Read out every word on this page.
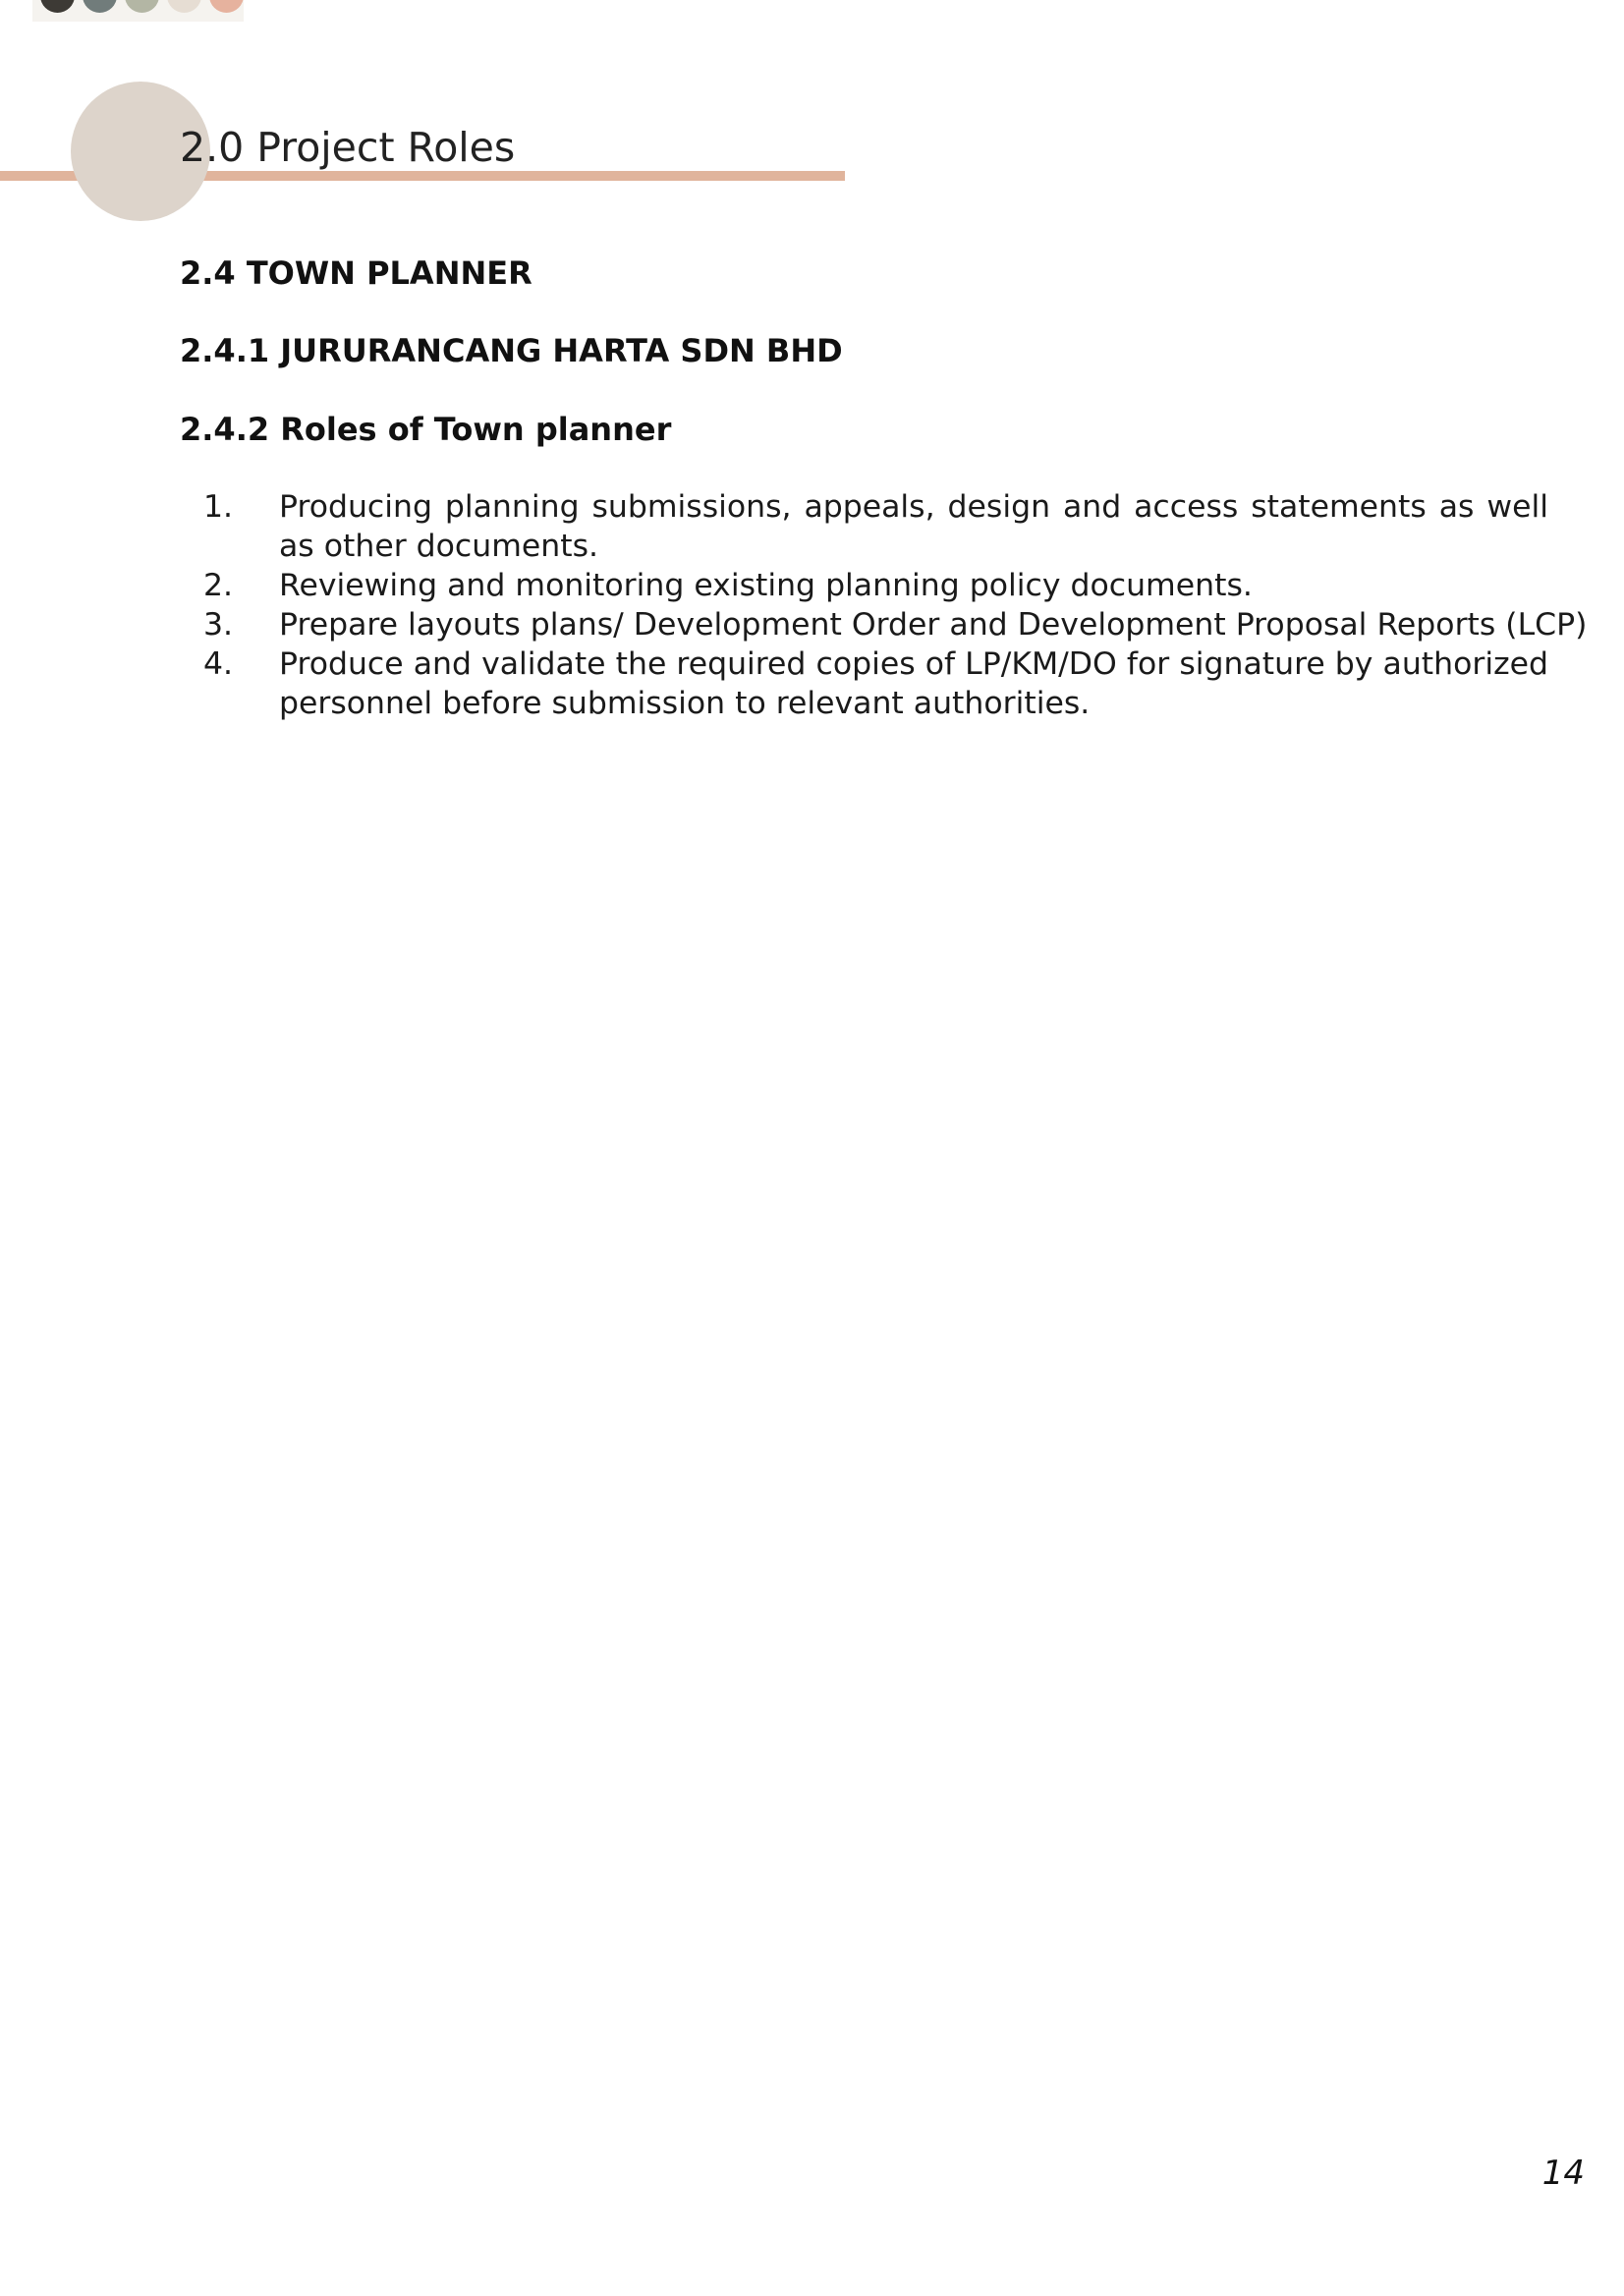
2.0 Project Roles
2.4 TOWN PLANNER
2.4.1 JURURANCANG HARTA SDN BHD
2.4.2 Roles of Town planner
1. Producing planning submissions, appeals, design and access statements as well as other documents.
2. Reviewing and monitoring existing planning policy documents.
3. Prepare layouts plans/ Development Order and Development Proposal Reports (LCP)
4. Produce and validate the required copies of LP/KM/DO for signature by authorized personnel before submission to relevant authorities.
14
